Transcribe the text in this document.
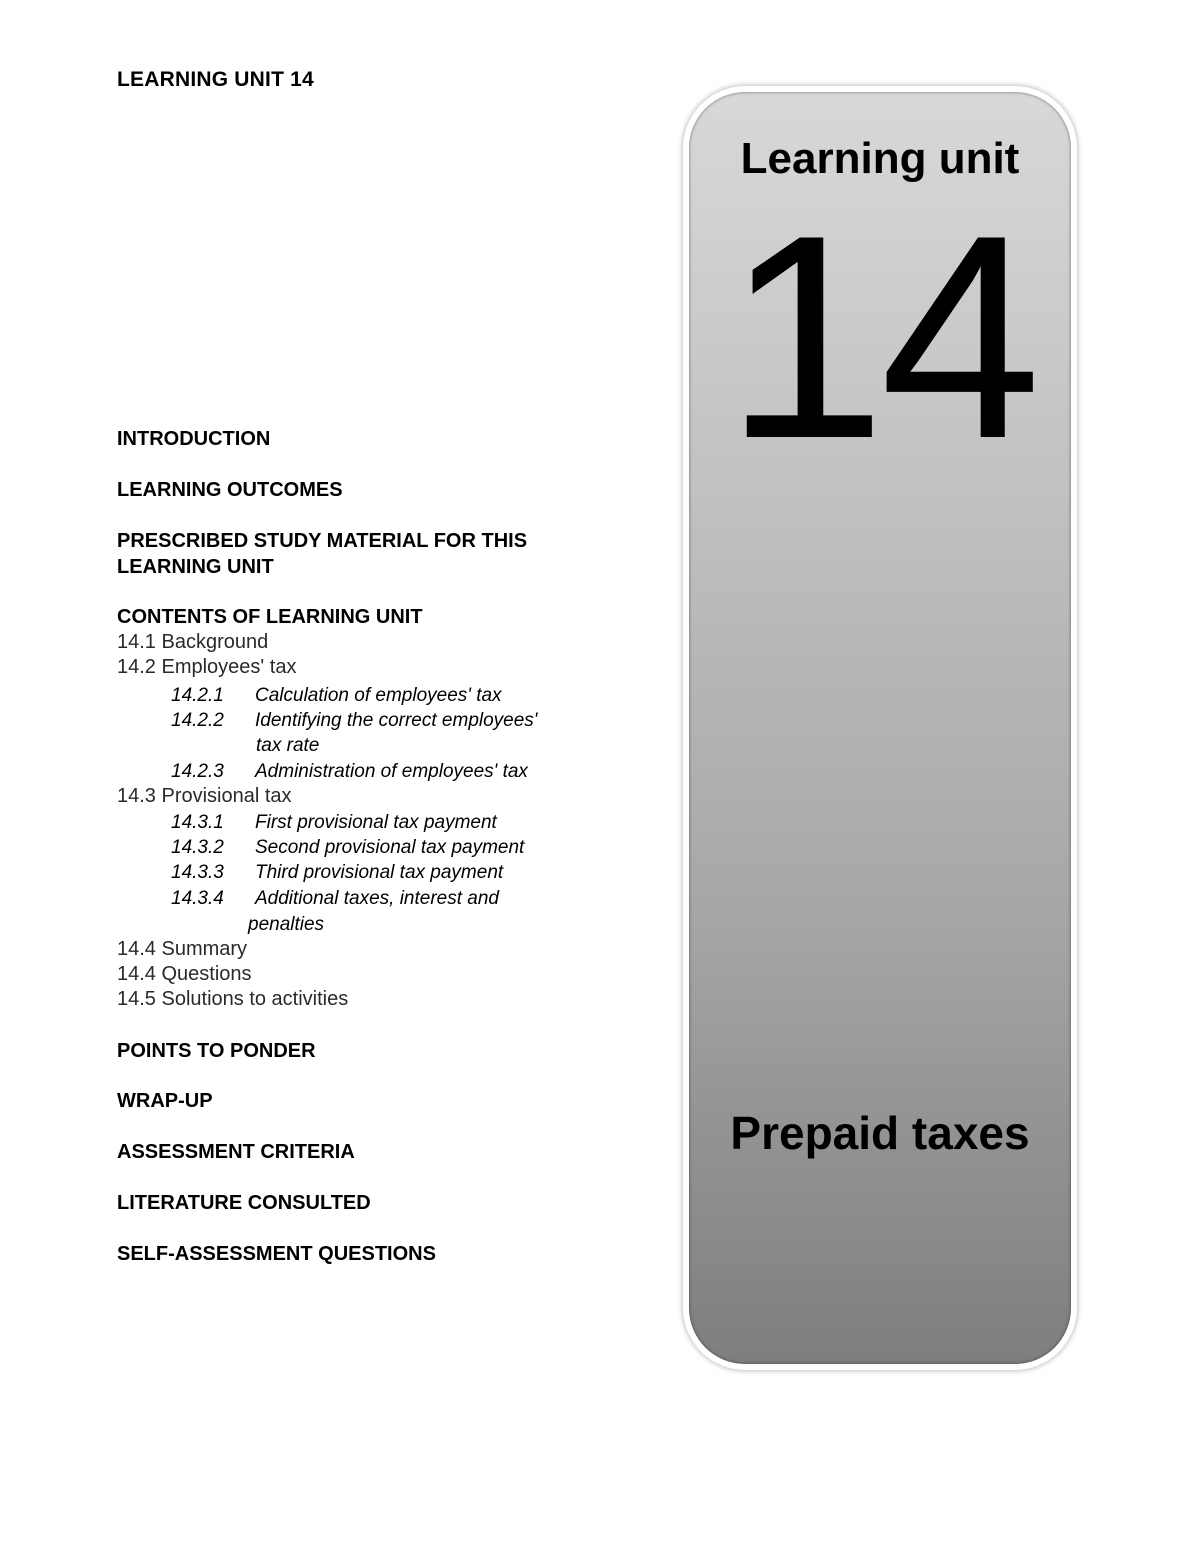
LEARNING UNIT 14
INTRODUCTION
LEARNING OUTCOMES
PRESCRIBED STUDY MATERIAL FOR THIS
LEARNING UNIT
CONTENTS OF LEARNING UNIT
14.1 Background
14.2 Employees' tax
14.2.1 Calculation of employees' tax
14.2.2 Identifying the correct employees'
tax rate
14.2.3 Administration of employees' tax
14.3 Provisional tax
14.3.1 First provisional tax payment
14.3.2 Second provisional tax payment
14.3.3 Third provisional tax payment
14.3.4 Additional taxes, interest and
penalties
14.4 Summary
14.4 Questions
14.5 Solutions to activities
POINTS TO PONDER
WRAP-UP
ASSESSMENT CRITERIA
LITERATURE CONSULTED
SELF-ASSESSMENT QUESTIONS
Learning unit
14
Prepaid taxes
